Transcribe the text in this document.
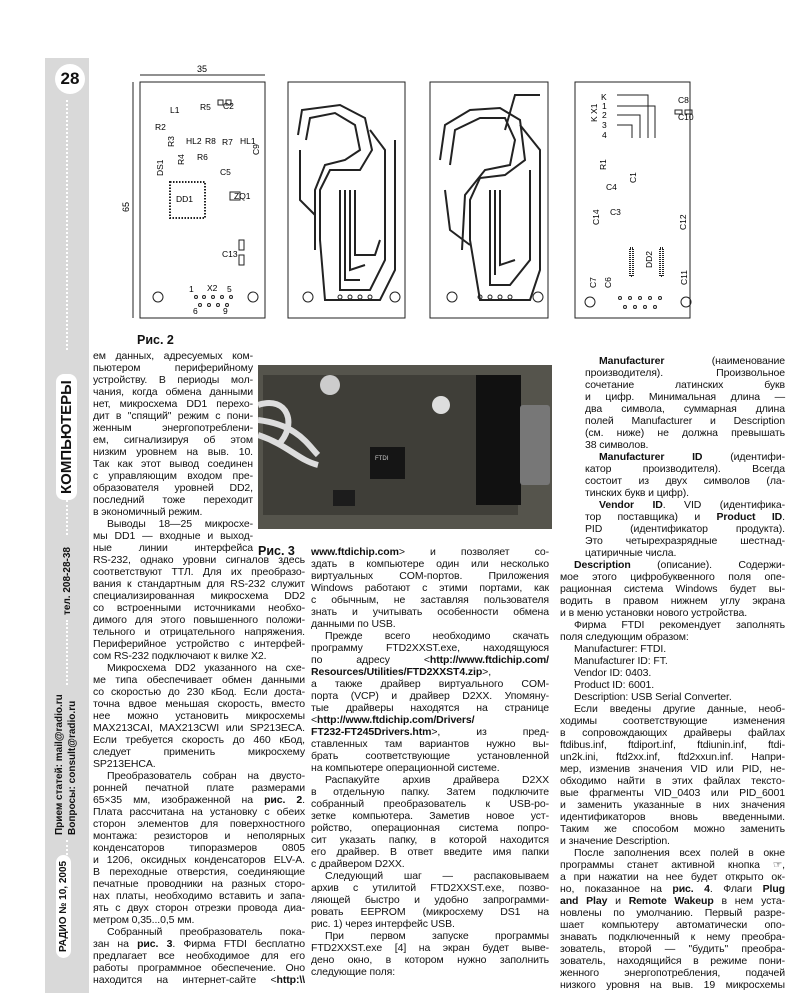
28
КОМПЬЮТЕРЫ
тел. 208-28-38
Прием статей: mail@radio.ru Вопросы: consult@radio.ru
РАДИО № 10, 2005
35
65
L1 R5 C2
R2
R3 HL2 R8 R7 HL1
C9
R4 R6
C5
DS1
DD1	ZQ1
C13
X2
1	5
6	9
K
1
2
3
4
K X1
C8
C10
R1
C4
C1
C3
C14	C12
DD2
C7 C6	C11
Рис. 2
FTDI
Рис. 3
ем данных, адресуемых ком-
пьютером периферийному
устройству. В периоды мол-
чания, когда обмена данными
нет, микросхема DD1 перехо-
дит в "спящий" режим с пони-
женным энергопотреблени-
ем, сигнализируя об этом
низким уровнем на выв. 10.
Так как этот вывод соединен
с управляющим входом пре-
образователя уровней DD2,
последний тоже переходит
в экономичный режим.
Выводы 18—25 микросхе-
мы DD1 — входные и выход-
ные линии интерфейса
RS-232, однако уровни сигналов здесь
соответствуют ТТЛ. Для их преобразо-
вания к стандартным для RS-232 служит
специализированная микросхема DD2
со встроенными источниками необхо-
димого для этого повышенного положи-
тельного и отрицательного напряжения.
Периферийное устройство с интерфей-
сом RS-232 подключают к вилке X2.
Микросхема DD2 указанного на схе-
ме типа обеспечивает обмен данными
со скоростью до 230 кБод. Если доста-
точна вдвое меньшая скорость, вместо
нее можно установить микросхемы
MAX213CAI, MAX213CWI или SP213ECA.
Если требуется скорость до 460 кБод,
следует применить микросхему
SP213EHCA.
Преобразователь собран на двусто-
ронней печатной плате размерами
65×35 мм, изображенной на рис. 2.
Плата рассчитана на установку с обеих
сторон элементов для поверхностного
монтажа: резисторов и неполярных
конденсаторов типоразмеров 0805
и 1206, оксидных конденсаторов ELV-A.
В переходные отверстия, соединяющие
печатные проводники на разных сторо-
нах платы, необходимо вставить и запа-
ять с двух сторон отрезки провода диа-
метром 0,35...0,5 мм.
Собранный преобразователь пока-
зан на рис. 3. Фирма FTDI бесплатно
предлагает все необходимое для его
работы программное обеспечение. Оно
находится на интернет-сайте <http:\\
www.ftdichip.com> и позволяет со-
здать в компьютере один или несколько
виртуальных COM-портов. Приложения
Windows работают с этими портами, как
с обычным, не заставляя пользователя
знать и учитывать особенности обмена
данными по USB.
Прежде всего необходимо скачать
программу FTD2XXST.exe, находящуюся
по адресу <http://www.ftdichip.com/
Resources/Utilities/FTD2XXST4.zip>,
а также драйвер виртуального COM-
порта (VCP) и драйвер D2XX. Упомяну-
тые драйверы находятся на странице
<http://www.ftdichip.com/Drivers/
FT232-FT245Drivers.htm>, из пред-
ставленных там вариантов нужно вы-
брать соответствующие установленной
на компьютере операционной системе.
Распакуйте архив драйвера D2XX
в отдельную папку. Затем подключите
собранный преобразователь к USB-ро-
зетке компьютера. Заметив новое уст-
ройство, операционная система попро-
сит указать папку, в которой находится
его драйвер. В ответ введите имя папки
с драйвером D2XX.
Следующий шаг — распаковываем
архив с утилитой FTD2XXST.exe, позво-
ляющей быстро и удобно запрограмми-
ровать EEPROM (микросхему DS1 на
рис. 1) через интерфейс USB.
При первом запуске программы
FTD2XXST.exe [4] на экран будет выве-
дено окно, в котором нужно заполнить
следующие поля:
Manufacturer (наименование
производителя). Произвольное
сочетание латинских букв
и цифр. Минимальная длина —
два символа, суммарная длина
полей Manufacturer и Description
(см. ниже) не должна превышать
38 символов.
Manufacturer ID (идентифи-
катор производителя). Всегда
состоит из двух символов (ла-
тинских букв и цифр).
Vendor ID. VID (идентифика-
тор поставщика) и Product ID.
PID (идентификатор продукта).
Это четырехразрядные шестнад-
цатиричные числа.
Description (описание). Содержи-
мое этого цифробуквенного поля опе-
рационная система Windows будет вы-
водить в правом нижнем углу экрана
и в меню установки нового устройства.
Фирма FTDI рекомендует заполнять
поля следующим образом:
Manufacturer: FTDI.
Manufacturer ID: FT.
Vendor ID: 0403.
Product ID: 6001.
Description: USB Serial Converter.
Если введены другие данные, необ-
ходимы соответствующие изменения
в сопровождающих драйверы файлах
ftdibus.inf, ftdiport.inf, ftdiunin.inf, ftdi-
un2k.ini, ftd2xx.inf, ftd2xxun.inf. Напри-
мер, изменив значения VID или PID, не-
обходимо найти в этих файлах тексто-
вые фрагменты VID_0403 или PID_6001
и заменить указанные в них значения
идентификаторов вновь введенными.
Таким же способом можно заменить
и значение Description.
После заполнения всех полей в окне
программы станет активной кнопка ☞,
а при нажатии на нее будет открыто ок-
но, показанное на рис. 4. Флаги Plug
and Play и Remote Wakeup в нем уста-
новлены по умолчанию. Первый разре-
шает компьютеру автоматически опо-
знавать подключенный к нему преобра-
зователь, второй — "будить" преобра-
зователь, находящийся в режиме пони-
женного энергопотребления, подачей
низкого уровня на выв. 19 микросхемы
